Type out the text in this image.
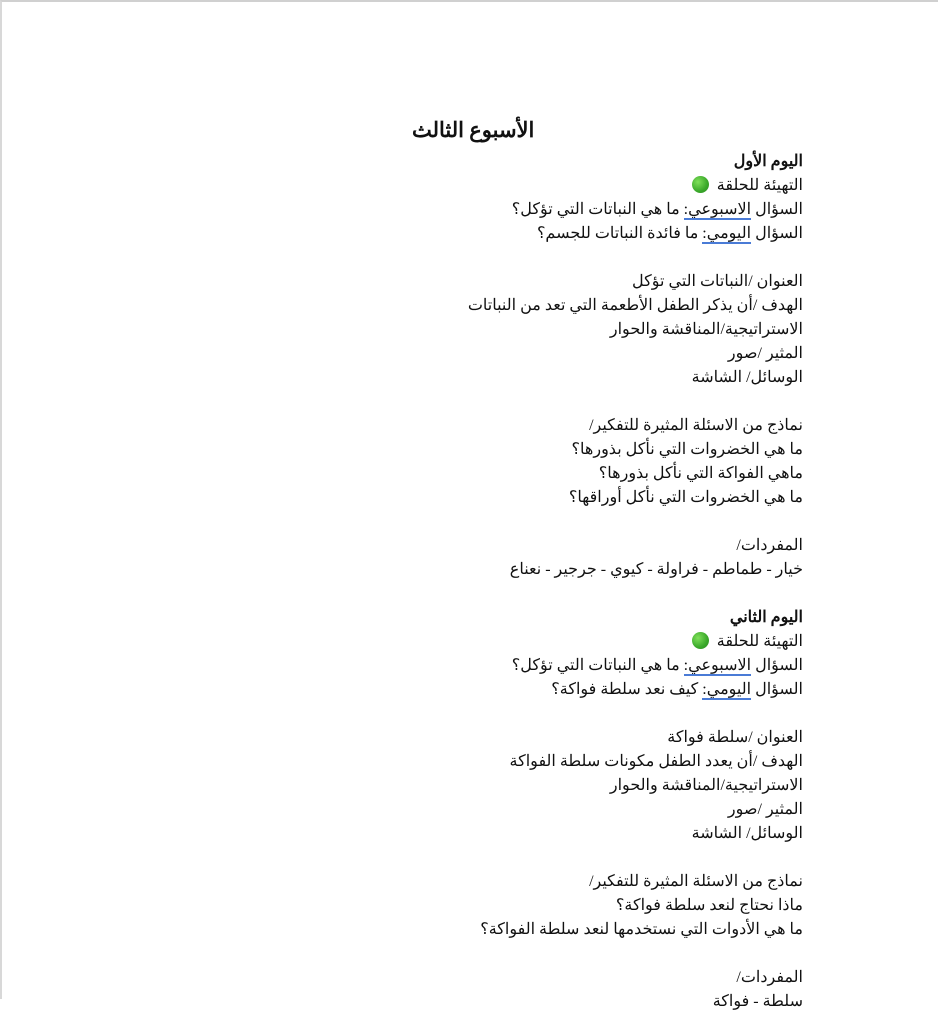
الأسبوع الثالث
اليوم الأول
التهيئة للحلقة
السؤال الاسبوعي: ما هي النباتات التي تؤكل؟
السؤال اليومي: ما فائدة النباتات للجسم؟
العنوان /النباتات التي تؤكل
الهدف /أن يذكر الطفل الأطعمة التي تعد من النباتات
الاستراتيجية/المناقشة والحوار
المثير /صور
الوسائل/ الشاشة
نماذج من الاسئلة المثيرة للتفكير/
ما هي الخضروات التي نأكل بذورها؟
ماهي الفواكة التي نأكل بذورها؟
ما هي الخضروات التي نأكل أوراقها؟
المفردات/
خيار - طماطم - فراولة - كيوي - جرجير - نعناع
اليوم الثاني
التهيئة للحلقة
السؤال الاسبوعي: ما هي النباتات التي تؤكل؟
السؤال اليومي: كيف نعد سلطة فواكة؟
العنوان /سلطة فواكة
الهدف /أن يعدد الطفل مكونات سلطة الفواكة
الاستراتيجية/المناقشة والحوار
المثير /صور
الوسائل/ الشاشة
نماذج من الاسئلة المثيرة للتفكير/
ماذا نحتاج لنعد سلطة فواكة؟
ما هي الأدوات التي نستخدمها لنعد سلطة الفواكة؟
المفردات/
سلطة - فواكة
